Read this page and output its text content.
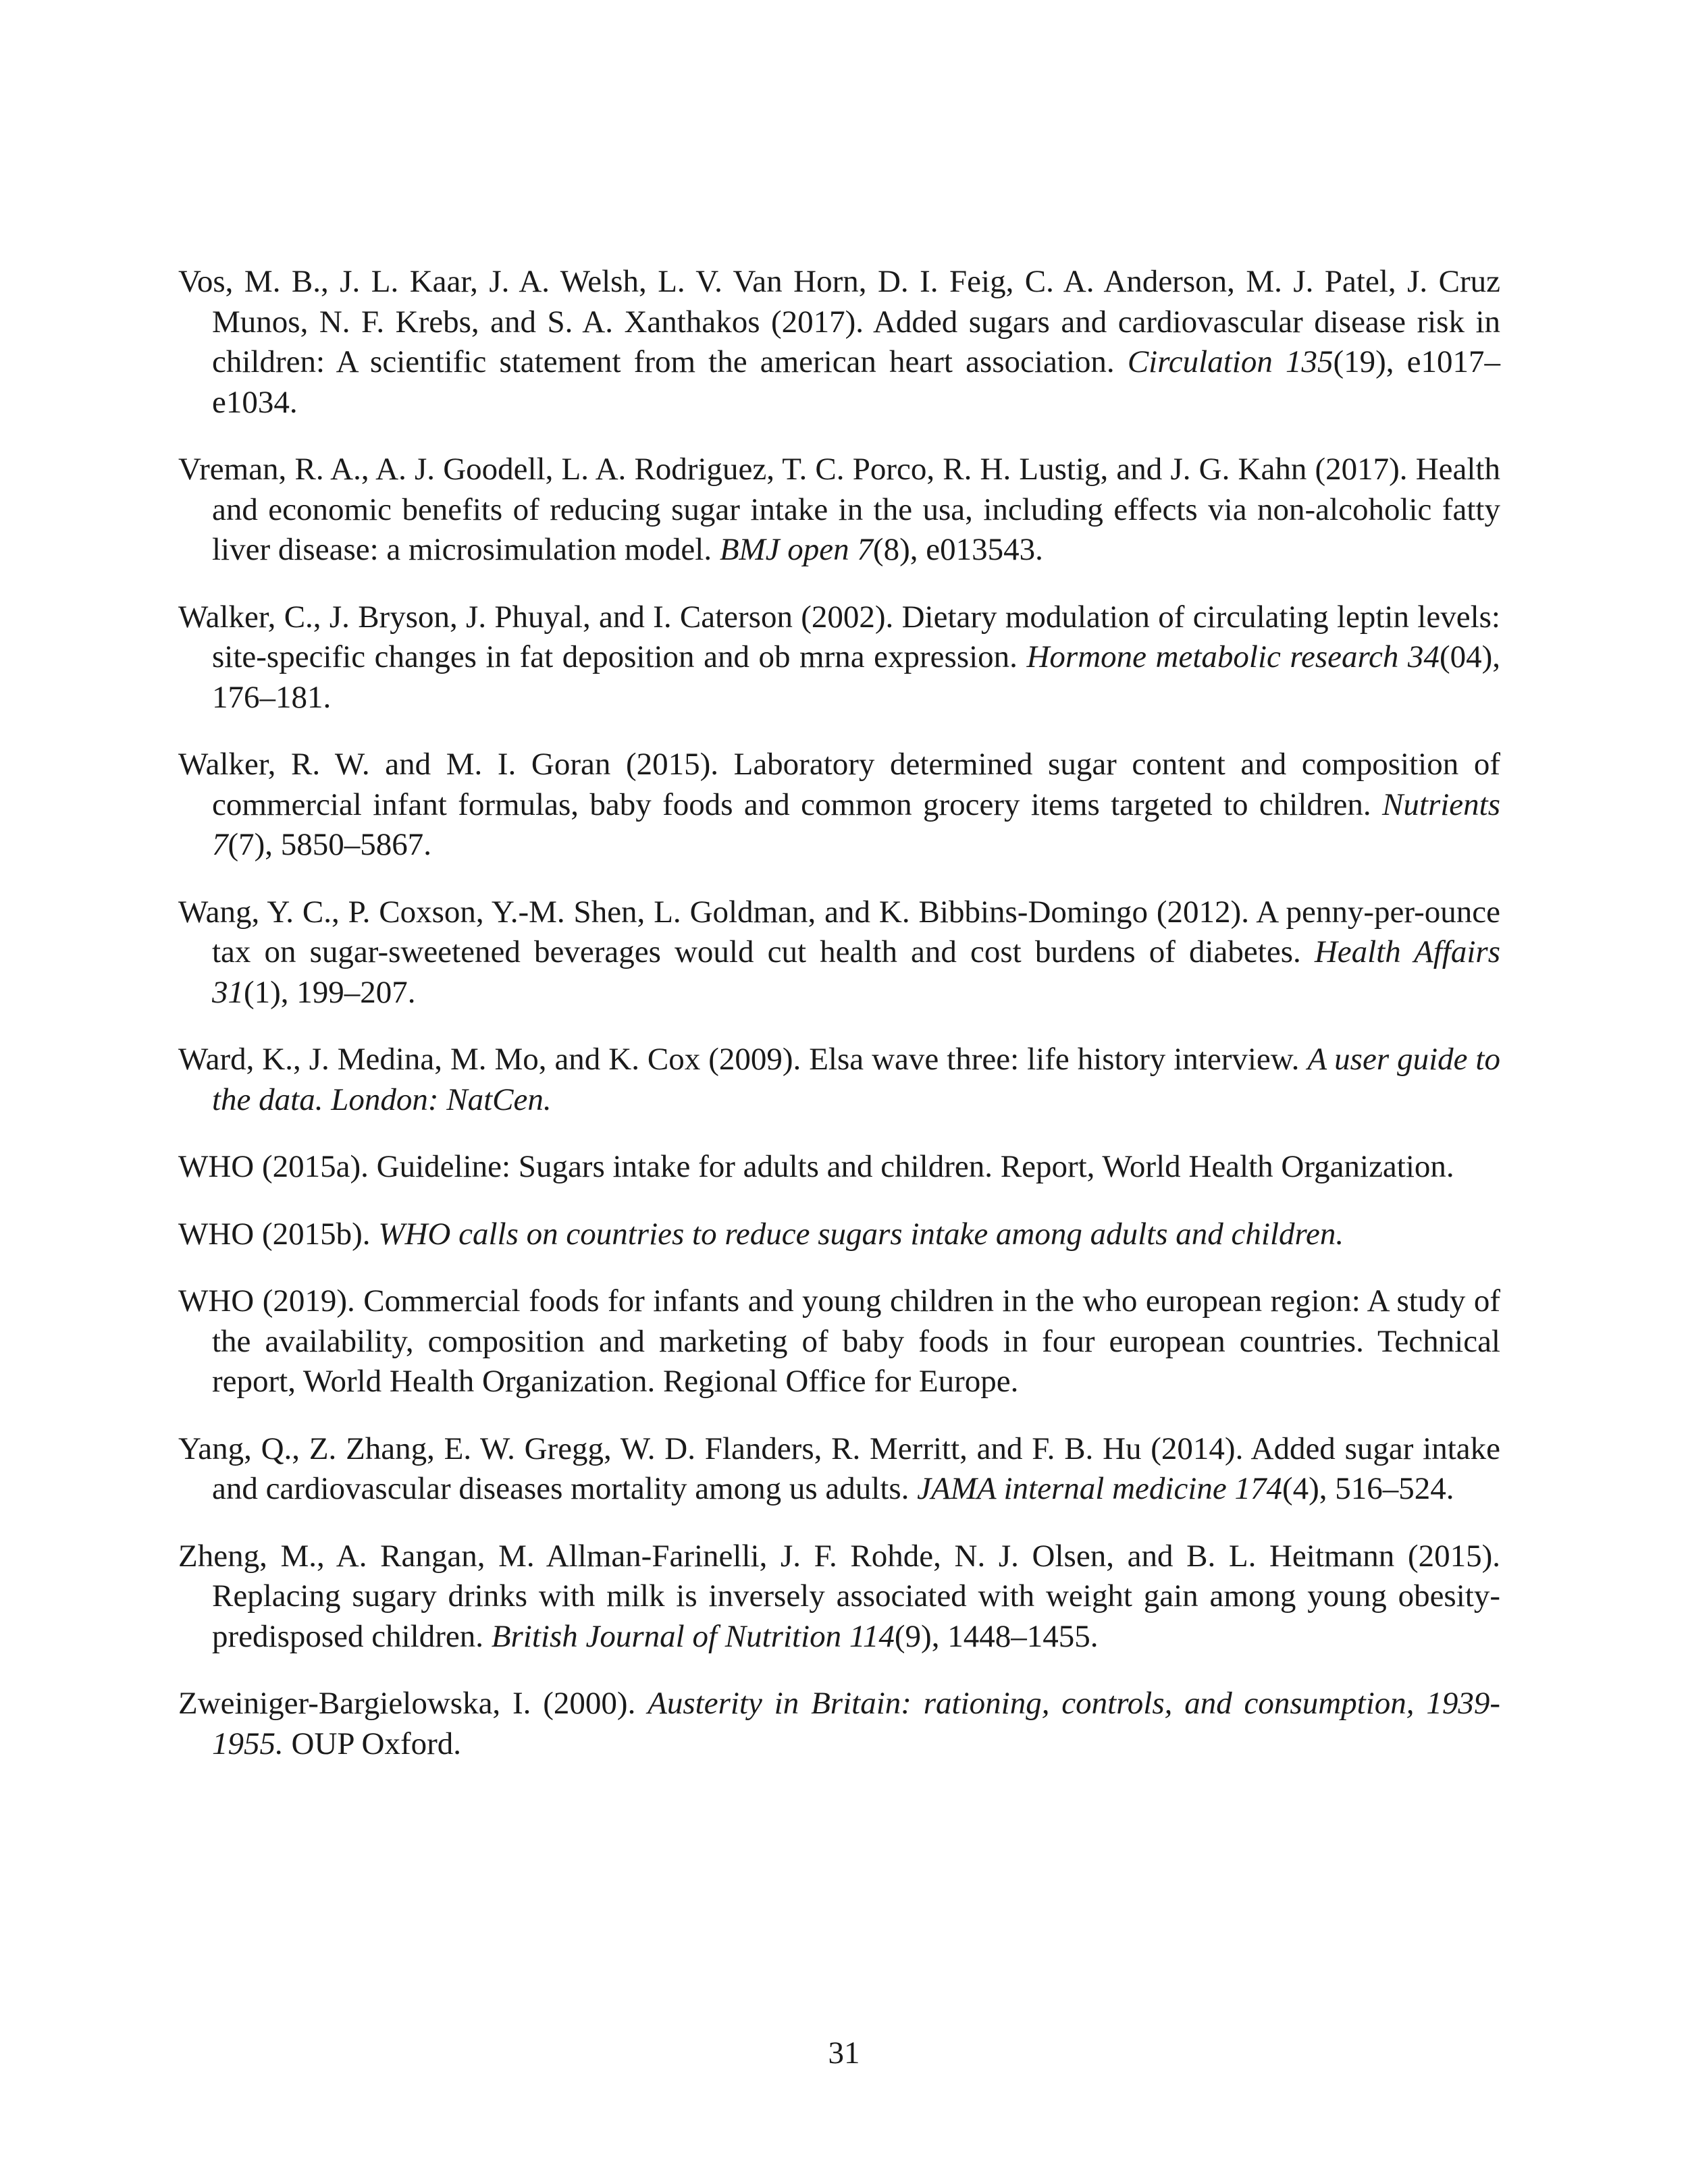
Vos, M. B., J. L. Kaar, J. A. Welsh, L. V. Van Horn, D. I. Feig, C. A. Anderson, M. J. Patel, J. Cruz Munos, N. F. Krebs, and S. A. Xanthakos (2017). Added sugars and cardiovascular disease risk in children: A scientific statement from the american heart association. Circulation 135(19), e1017–e1034.

Vreman, R. A., A. J. Goodell, L. A. Rodriguez, T. C. Porco, R. H. Lustig, and J. G. Kahn (2017). Health and economic benefits of reducing sugar intake in the usa, including effects via non-alcoholic fatty liver disease: a microsimulation model. BMJ open 7(8), e013543.

Walker, C., J. Bryson, J. Phuyal, and I. Caterson (2002). Dietary modulation of circulating leptin levels: site-specific changes in fat deposition and ob mrna expression. Hormone metabolic research 34(04), 176–181.

Walker, R. W. and M. I. Goran (2015). Laboratory determined sugar content and composition of commercial infant formulas, baby foods and common grocery items targeted to children. Nutrients 7(7), 5850–5867.

Wang, Y. C., P. Coxson, Y.-M. Shen, L. Goldman, and K. Bibbins-Domingo (2012). A penny-per-ounce tax on sugar-sweetened beverages would cut health and cost burdens of diabetes. Health Affairs 31(1), 199–207.

Ward, K., J. Medina, M. Mo, and K. Cox (2009). Elsa wave three: life history interview. A user guide to the data. London: NatCen.

WHO (2015a). Guideline: Sugars intake for adults and children. Report, World Health Organization.

WHO (2015b). WHO calls on countries to reduce sugars intake among adults and children.

WHO (2019). Commercial foods for infants and young children in the who european region: A study of the availability, composition and marketing of baby foods in four european countries. Technical report, World Health Organization. Regional Office for Europe.

Yang, Q., Z. Zhang, E. W. Gregg, W. D. Flanders, R. Merritt, and F. B. Hu (2014). Added sugar intake and cardiovascular diseases mortality among us adults. JAMA internal medicine 174(4), 516–524.

Zheng, M., A. Rangan, M. Allman-Farinelli, J. F. Rohde, N. J. Olsen, and B. L. Heitmann (2015). Replacing sugary drinks with milk is inversely associated with weight gain among young obesity-predisposed children. British Journal of Nutrition 114(9), 1448–1455.

Zweiniger-Bargielowska, I. (2000). Austerity in Britain: rationing, controls, and consumption, 1939-1955. OUP Oxford.

31
